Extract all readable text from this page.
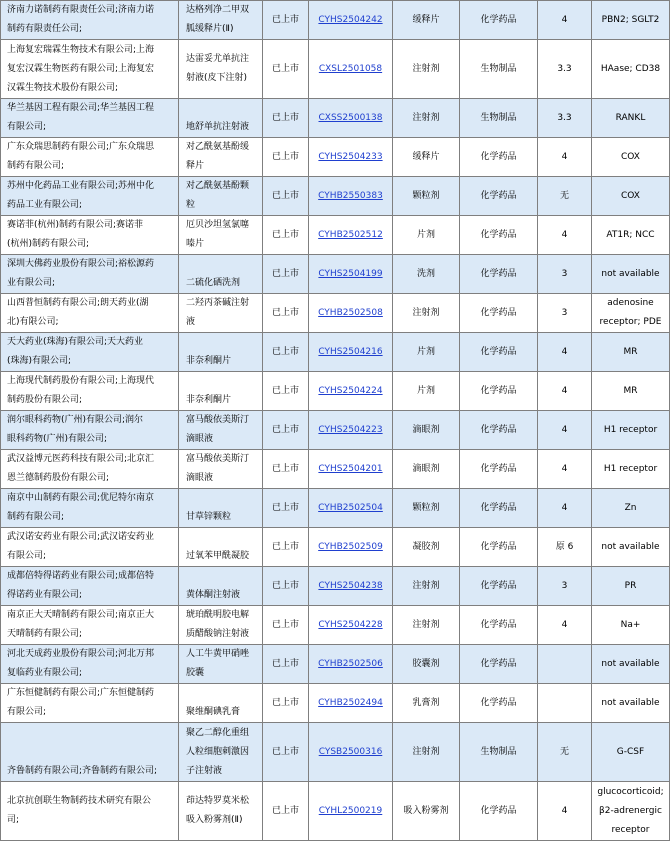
济南力诺制药有限责任公司;济南力诺
制药有限责任公司;	达格列净二甲双
胍缓释片(Ⅱ)	已上市	CYHS2504242	缓释片	化学药品	4	PBN2; SGLT2

上海复宏瑞霖生物技术有限公司;上海
复宏汉霖生物医药有限公司;上海复宏
汉霖生物技术股份有限公司;	达雷妥尤单抗注
射液(皮下注射)	已上市	CXSL2501058	注射剂	生物制品	3.3	HAase; CD38

华兰基因工程有限公司;华兰基因工程
有限公司;	地舒单抗注射液	已上市	CXSS2500138	注射剂	生物制品	3.3	RANKL

广东众瑞思制药有限公司;广东众瑞思
制药有限公司;	对乙酰氨基酚缓
释片	已上市	CYHS2504233	缓释片	化学药品	4	COX

苏州中化药品工业有限公司;苏州中化
药品工业有限公司;	对乙酰氨基酚颗
粒	已上市	CYHB2550383	颗粒剂	化学药品	无	COX

赛诺菲(杭州)制药有限公司;赛诺菲
(杭州)制药有限公司;	厄贝沙坦氢氯噻
嗪片	已上市	CYHB2502512	片剂	化学药品	4	AT1R; NCC

深圳大佛药业股份有限公司;裕松源药
业有限公司;	二硫化硒洗剂	已上市	CYHS2504199	洗剂	化学药品	3	not available

山西普恒制药有限公司;朗天药业(湖
北)有限公司;	二羟丙茶碱注射
液	已上市	CYHB2502508	注射剂	化学药品	3	adenosine
receptor; PDE

天大药业(珠海)有限公司;天大药业
(珠海)有限公司;	非奈利酮片	已上市	CYHS2504216	片剂	化学药品	4	MR

上海现代制药股份有限公司;上海现代
制药股份有限公司;	非奈利酮片	已上市	CYHS2504224	片剂	化学药品	4	MR

润尔眼科药物(广州)有限公司;润尔
眼科药物(广州)有限公司;	富马酸依美斯汀
滴眼液	已上市	CYHS2504223	滴眼剂	化学药品	4	H1 receptor

武汉益博元医药科技有限公司;北京汇
恩兰德制药股份有限公司;	富马酸依美斯汀
滴眼液	已上市	CYHS2504201	滴眼剂	化学药品	4	H1 receptor

南京中山制药有限公司;优尼特尔南京
制药有限公司;	甘草锌颗粒	已上市	CYHB2502504	颗粒剂	化学药品	4	Zn

武汉诺安药业有限公司;武汉诺安药业
有限公司;	过氧苯甲酰凝胶	已上市	CYHB2502509	凝胶剂	化学药品	原 6	not available

成都倍特得诺药业有限公司;成都倍特
得诺药业有限公司;	黄体酮注射液	已上市	CYHS2504238	注射剂	化学药品	3	PR

南京正大天晴制药有限公司;南京正大
天晴制药有限公司;	琥珀酰明胶电解
质醋酸钠注射液	已上市	CYHS2504228	注射剂	化学药品	4	Na+

河北天成药业股份有限公司;河北万邦
复临药业有限公司;	人工牛黄甲硝唑
胶囊	已上市	CYHB2502506	胶囊剂	化学药品		not available

广东恒健制药有限公司;广东恒健制药
有限公司;	聚维酮碘乳膏	已上市	CYHB2502494	乳膏剂	化学药品		not available

齐鲁制药有限公司;齐鲁制药有限公司;	聚乙二醇化重组
人粒细胞刺激因
子注射液	已上市	CYSB2500316	注射剂	生物制品	无	G-CSF

北京抗创联生物制药技术研究有限公
司;	茚达特罗莫米松
吸入粉雾剂(Ⅱ)	已上市	CYHL2500219	吸入粉雾剂	化学药品	4	glucocorticoid;
β2-adrenergic
receptor
